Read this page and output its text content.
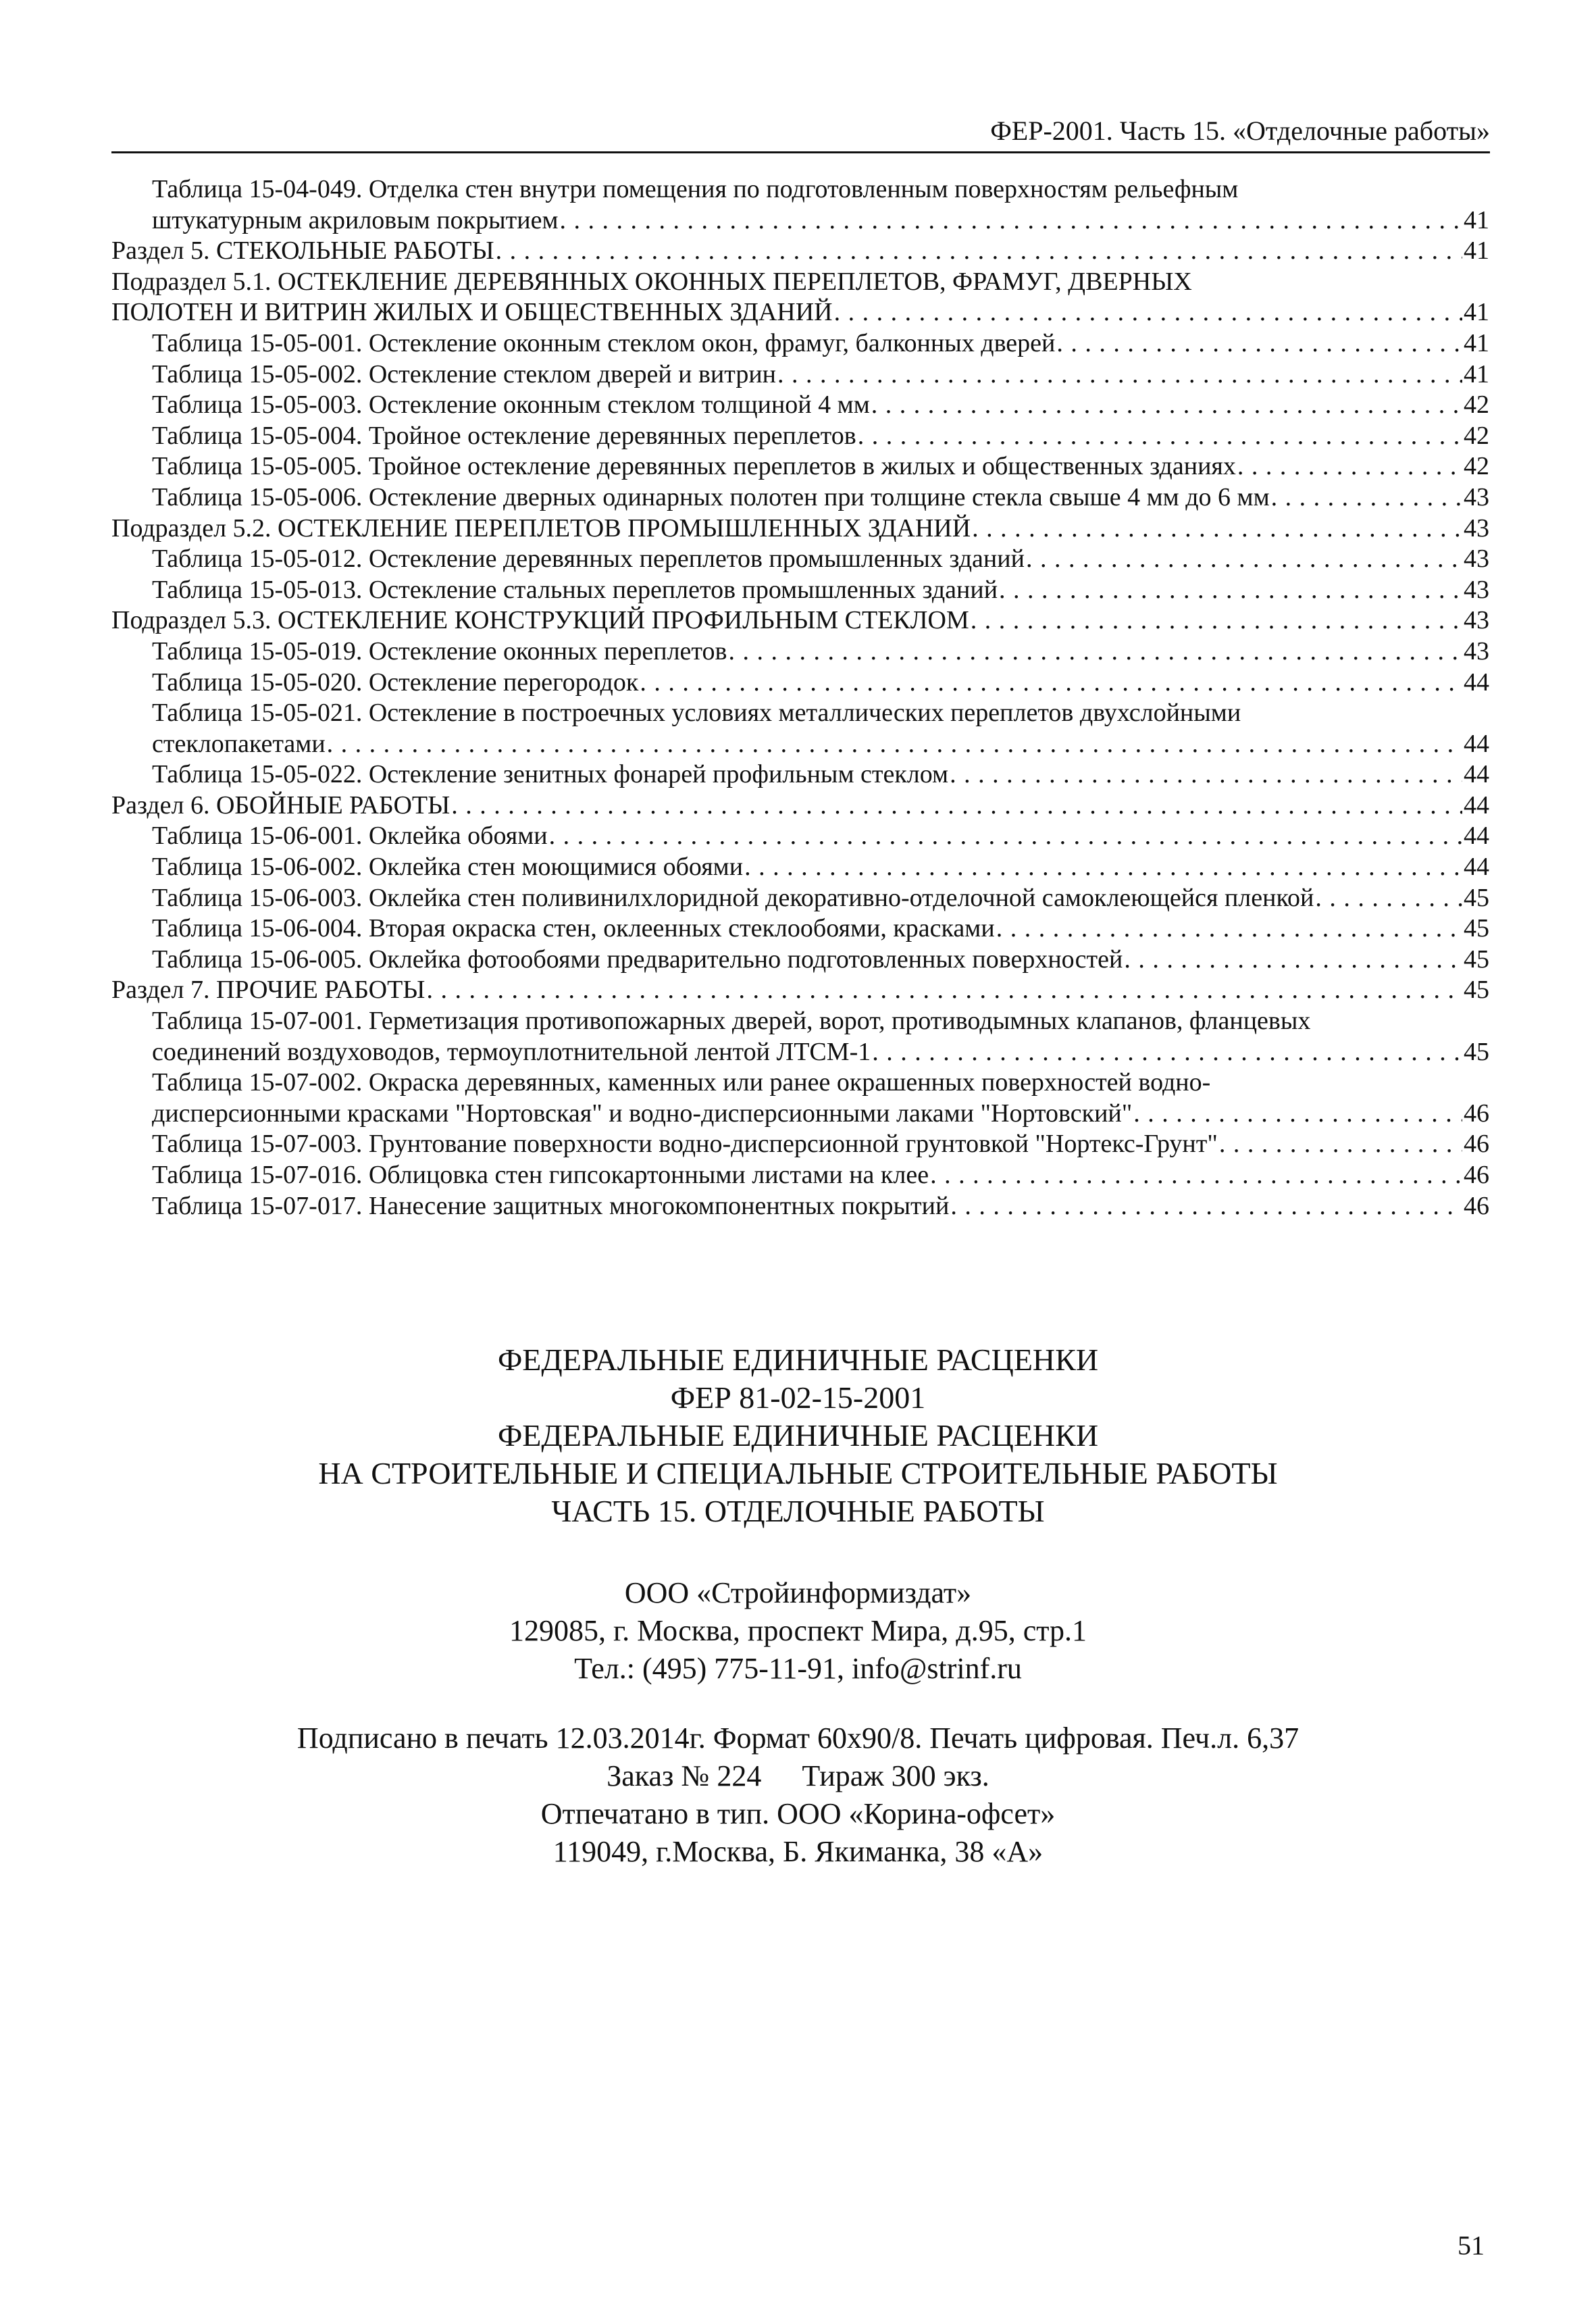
ФЕР-2001. Часть 15. «Отделочные работы»
Таблица 15-04-049. Отделка стен внутри помещения по подготовленным поверхностям рельефным
штукатурным акриловым покрытием . . .	41
Раздел 5. СТЕКОЛЬНЫЕ РАБОТЫ . . .	41
Подраздел 5.1. ОСТЕКЛЕНИЕ ДЕРЕВЯННЫХ ОКОННЫХ ПЕРЕПЛЕТОВ, ФРАМУГ, ДВЕРНЫХ
ПОЛОТЕН И ВИТРИН ЖИЛЫХ И ОБЩЕСТВЕННЫХ ЗДАНИЙ . . .	41
Таблица 15-05-001. Остекление оконным стеклом окон, фрамуг, балконных дверей . . .	41
Таблица 15-05-002. Остекление стеклом дверей и витрин . . .	41
Таблица 15-05-003. Остекление оконным стеклом толщиной 4 мм . . .	42
Таблица 15-05-004. Тройное остекление деревянных переплетов . . .	42
Таблица 15-05-005. Тройное остекление деревянных переплетов в жилых и общественных зданиях . . .	42
Таблица 15-05-006. Остекление дверных одинарных полотен при толщине стекла свыше 4 мм до 6 мм . . .	43
Подраздел 5.2. ОСТЕКЛЕНИЕ ПЕРЕПЛЕТОВ ПРОМЫШЛЕННЫХ ЗДАНИЙ . . .	43
Таблица 15-05-012. Остекление деревянных переплетов промышленных зданий . . .	43
Таблица 15-05-013. Остекление стальных переплетов промышленных зданий . . .	43
Подраздел 5.3. ОСТЕКЛЕНИЕ КОНСТРУКЦИЙ ПРОФИЛЬНЫМ СТЕКЛОМ . . .	43
Таблица 15-05-019. Остекление оконных переплетов . . .	43
Таблица 15-05-020. Остекление перегородок . . .	44
Таблица 15-05-021. Остекление в построечных условиях металлических переплетов двухслойными
стеклопакетами . . .	44
Таблица 15-05-022. Остекление зенитных фонарей профильным стеклом . . .	44
Раздел 6. ОБОЙНЫЕ РАБОТЫ . . .	44
Таблица 15-06-001. Оклейка обоями . . .	44
Таблица 15-06-002. Оклейка стен моющимися обоями . . .	44
Таблица 15-06-003. Оклейка стен поливинилхлоридной декоративно-отделочной самоклеющейся пленкой . . .	45
Таблица 15-06-004. Вторая окраска стен, оклеенных стеклообоями, красками . . .	45
Таблица 15-06-005. Оклейка фотообоями предварительно подготовленных поверхностей . . .	45
Раздел 7. ПРОЧИЕ РАБОТЫ . . .	45
Таблица 15-07-001. Герметизация противопожарных дверей, ворот, противодымных клапанов, фланцевых
соединений воздуховодов, термоуплотнительной лентой ЛТСМ-1 . . .	45
Таблица 15-07-002. Окраска деревянных, каменных или ранее окрашенных поверхностей водно-
дисперсионными красками "Нортовская" и водно-дисперсионными лаками "Нортовский" . . .	46
Таблица 15-07-003. Грунтование поверхности водно-дисперсионной грунтовкой "Нортекс-Грунт" . . .	46
Таблица 15-07-016. Облицовка стен гипсокартонными листами на клее . . .	46
Таблица 15-07-017. Нанесение защитных многокомпонентных покрытий . . .	46
ФЕДЕРАЛЬНЫЕ ЕДИНИЧНЫЕ РАСЦЕНКИ
ФЕР 81-02-15-2001
ФЕДЕРАЛЬНЫЕ ЕДИНИЧНЫЕ РАСЦЕНКИ
НА СТРОИТЕЛЬНЫЕ И СПЕЦИАЛЬНЫЕ СТРОИТЕЛЬНЫЕ РАБОТЫ
ЧАСТЬ 15. ОТДЕЛОЧНЫЕ РАБОТЫ
ООО «Стройинформиздат»
129085, г. Москва, проспект Мира, д.95, стр.1
Тел.: (495) 775-11-91, info@strinf.ru
Подписано в печать 12.03.2014г. Формат 60х90/8. Печать цифровая. Печ.л. 6,37
Заказ № 224 Тираж 300 экз.
Отпечатано в тип. ООО «Корина-офсет»
119049, г.Москва, Б. Якиманка, 38 «А»
51
